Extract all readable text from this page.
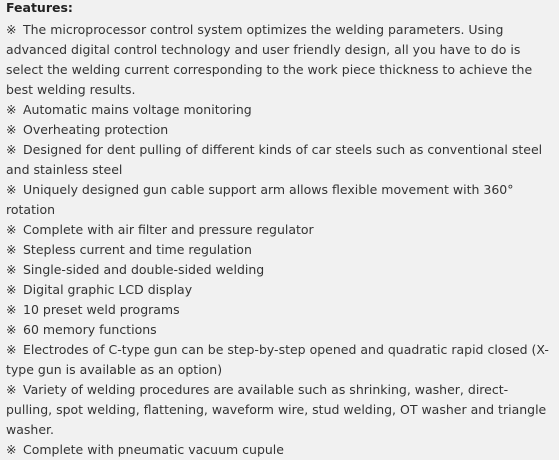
Features:

※ The microprocessor control system optimizes the welding parameters. Using advanced digital control technology and user friendly design, all you have to do is select the welding current corresponding to the work piece thickness to achieve the best welding results.
※ Automatic mains voltage monitoring
※ Overheating protection
※ Designed for dent pulling of different kinds of car steels such as conventional steel and stainless steel
※ Uniquely designed gun cable support arm allows flexible movement with 360° rotation
※ Complete with air filter and pressure regulator
※ Stepless current and time regulation
※ Single-sided and double-sided welding
※ Digital graphic LCD display
※ 10 preset weld programs
※ 60 memory functions
※ Electrodes of C-type gun can be step-by-step opened and quadratic rapid closed (X-type gun is available as an option)
※ Variety of welding procedures are available such as shrinking, washer, direct-pulling, spot welding, flattening, waveform wire, stud welding, OT washer and triangle washer.
※ Complete with pneumatic vacuum cupule
